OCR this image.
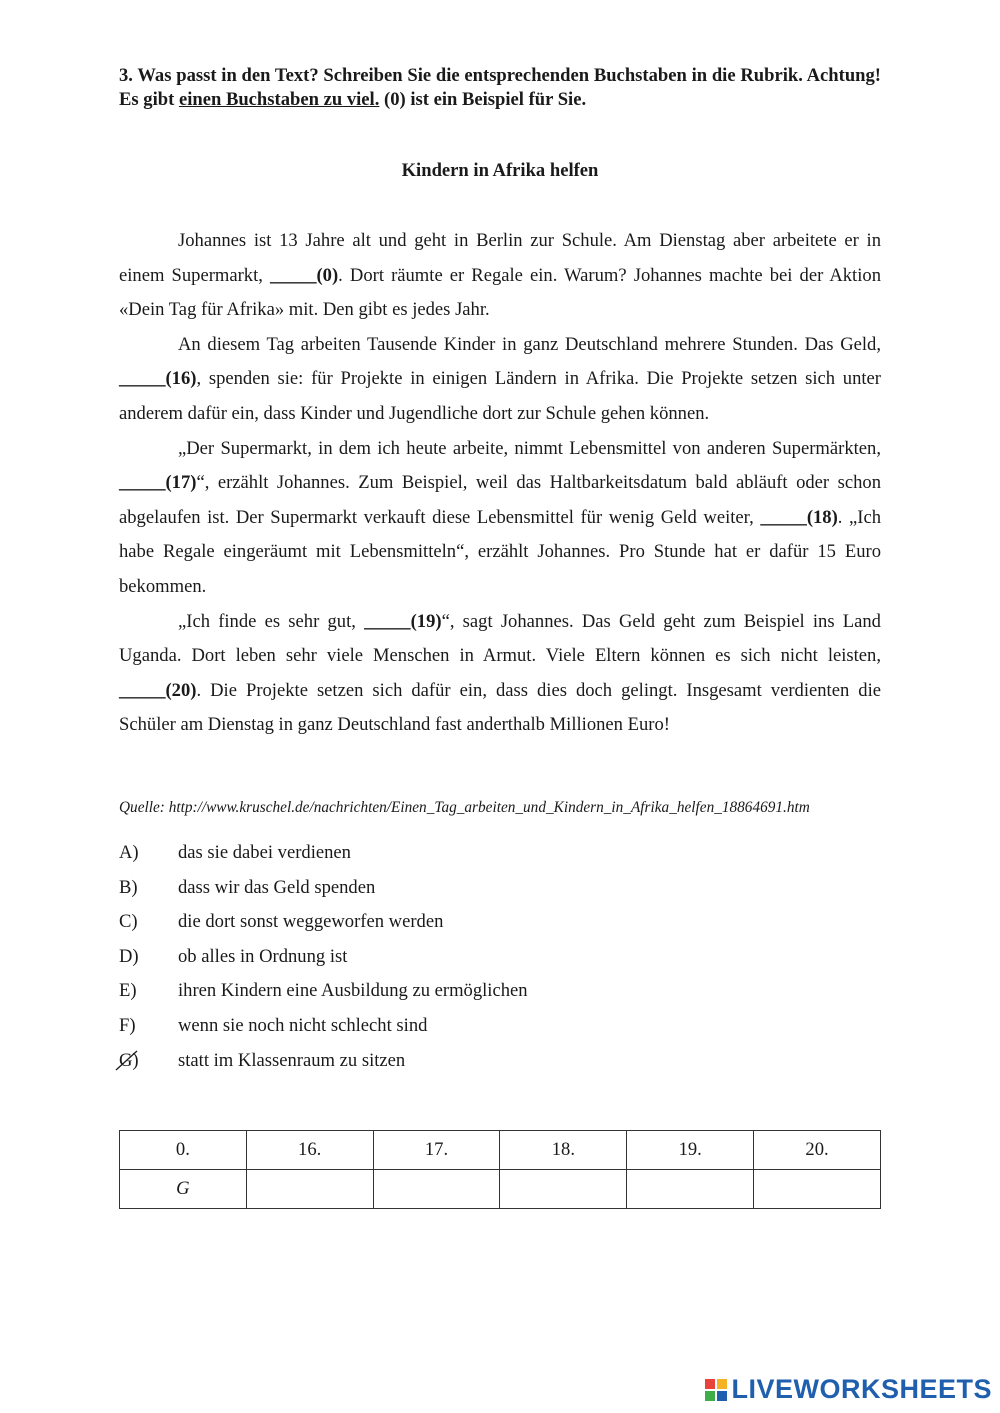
3. Was passt in den Text? Schreiben Sie die entsprechenden Buchstaben in die Rubrik. Achtung! Es gibt einen Buchstaben zu viel. (0) ist ein Beispiel für Sie.

Kindern in Afrika helfen

Johannes ist 13 Jahre alt und geht in Berlin zur Schule. Am Dienstag aber arbeitete er in einem Supermarkt, _____(0). Dort räumte er Regale ein. Warum? Johannes machte bei der Aktion «Dein Tag für Afrika» mit. Den gibt es jedes Jahr.

An diesem Tag arbeiten Tausende Kinder in ganz Deutschland mehrere Stunden. Das Geld, _____(16), spenden sie: für Projekte in einigen Ländern in Afrika. Die Projekte setzen sich unter anderem dafür ein, dass Kinder und Jugendliche dort zur Schule gehen können.

„Der Supermarkt, in dem ich heute arbeite, nimmt Lebensmittel von anderen Supermärkten, _____(17)“, erzählt Johannes. Zum Beispiel, weil das Haltbarkeitsdatum bald abläuft oder schon abgelaufen ist. Der Supermarkt verkauft diese Lebensmittel für wenig Geld weiter, _____(18). „Ich habe Regale eingeräumt mit Lebensmitteln“, erzählt Johannes. Pro Stunde hat er dafür 15 Euro bekommen.

„Ich finde es sehr gut, _____(19)“, sagt Johannes. Das Geld geht zum Beispiel ins Land Uganda. Dort leben sehr viele Menschen in Armut. Viele Eltern können es sich nicht leisten, _____(20). Die Projekte setzen sich dafür ein, dass dies doch gelingt. Insgesamt verdienten die Schüler am Dienstag in ganz Deutschland fast anderthalb Millionen Euro!

Quelle: http://www.kruschel.de/nachrichten/Einen_Tag_arbeiten_und_Kindern_in_Afrika_helfen_18864691.htm
A)	das sie dabei verdienen
B)	dass wir das Geld spenden
C)	die dort sonst weggeworfen werden
D)	ob alles in Ordnung ist
E)	ihren Kindern eine Ausbildung zu ermöglichen
F)	wenn sie noch nicht schlecht sind
G) statt im Klassenraum zu sitzen
0.	16.	17.	18.	19.	20.
G					
LIVEWORKSHEETS
